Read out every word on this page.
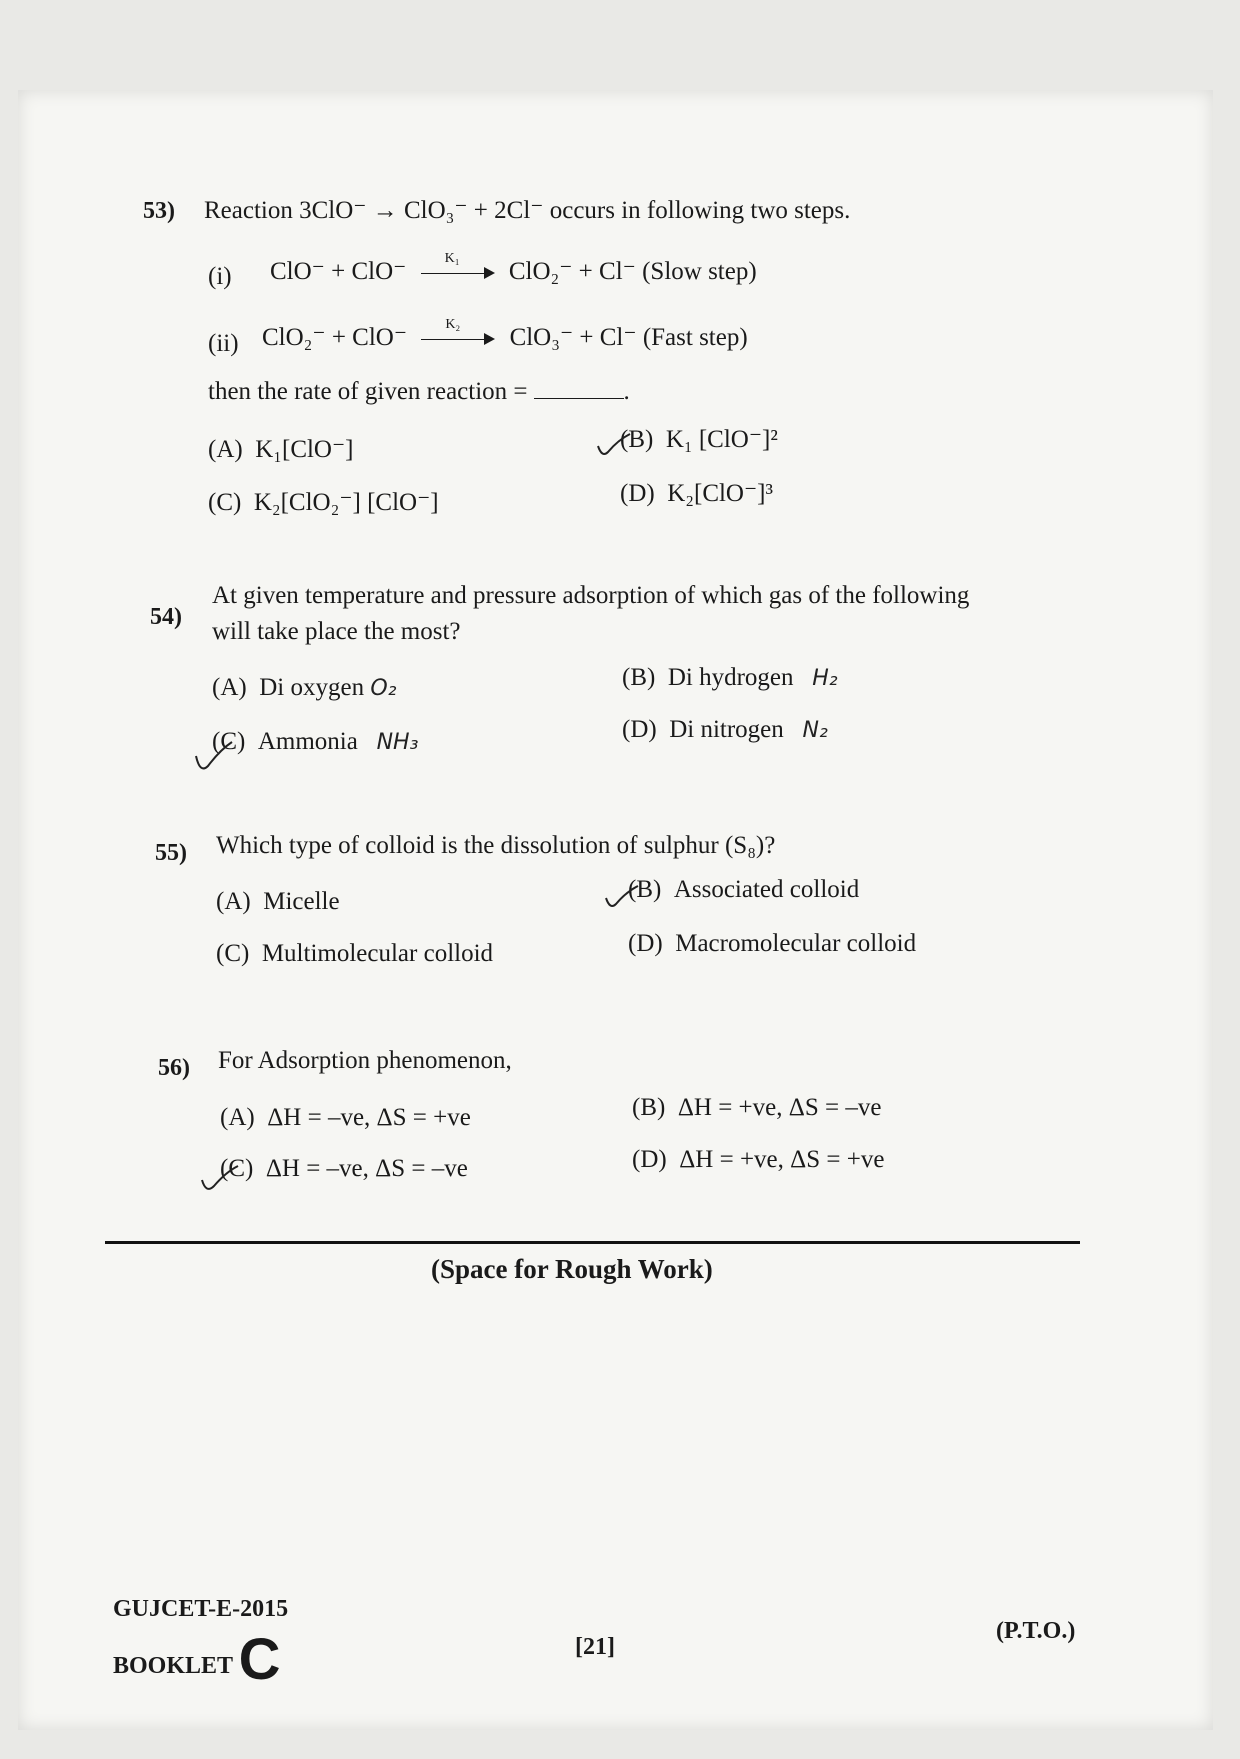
53) Reaction 3ClO⁻ → ClO₃⁻ + 2Cl⁻ occurs in following two steps.
(i) ClO⁻ + ClO⁻	K₁ ClO₂⁻ + Cl⁻ (Slow step)
(ii) ClO₂⁻ + ClO⁻	K₂ ClO₃⁻ + Cl⁻ (Fast step)
then the rate of given reaction =	.
(A) K₁[ClO⁻]	(B) K₁ [ClO⁻]²
(C) K₂[ClO₂⁻] [ClO⁻]	(D) K₂[ClO⁻]³
54)
At given temperature and pressure adsorption of which gas of the following
will take place the most?
(A) Di oxygen O₂	(B) Di hydrogen H₂
(C) Ammonia NH₃	(D) Di nitrogen N₂
55) Which type of colloid is the dissolution of sulphur (S₈)?
(A) Micelle	(B) Associated colloid
(C) Multimolecular colloid	(D) Macromolecular colloid
56) For Adsorption phenomenon,
(A) ΔH = –ve, ΔS = +ve	(B) ΔH = +ve, ΔS = –ve
(C) ΔH = –ve, ΔS = –ve	(D) ΔH = +ve, ΔS = +ve
(Space for Rough Work)
GUJCET-E-2015
BOOKLET C	[21]
(P.T.O.)
